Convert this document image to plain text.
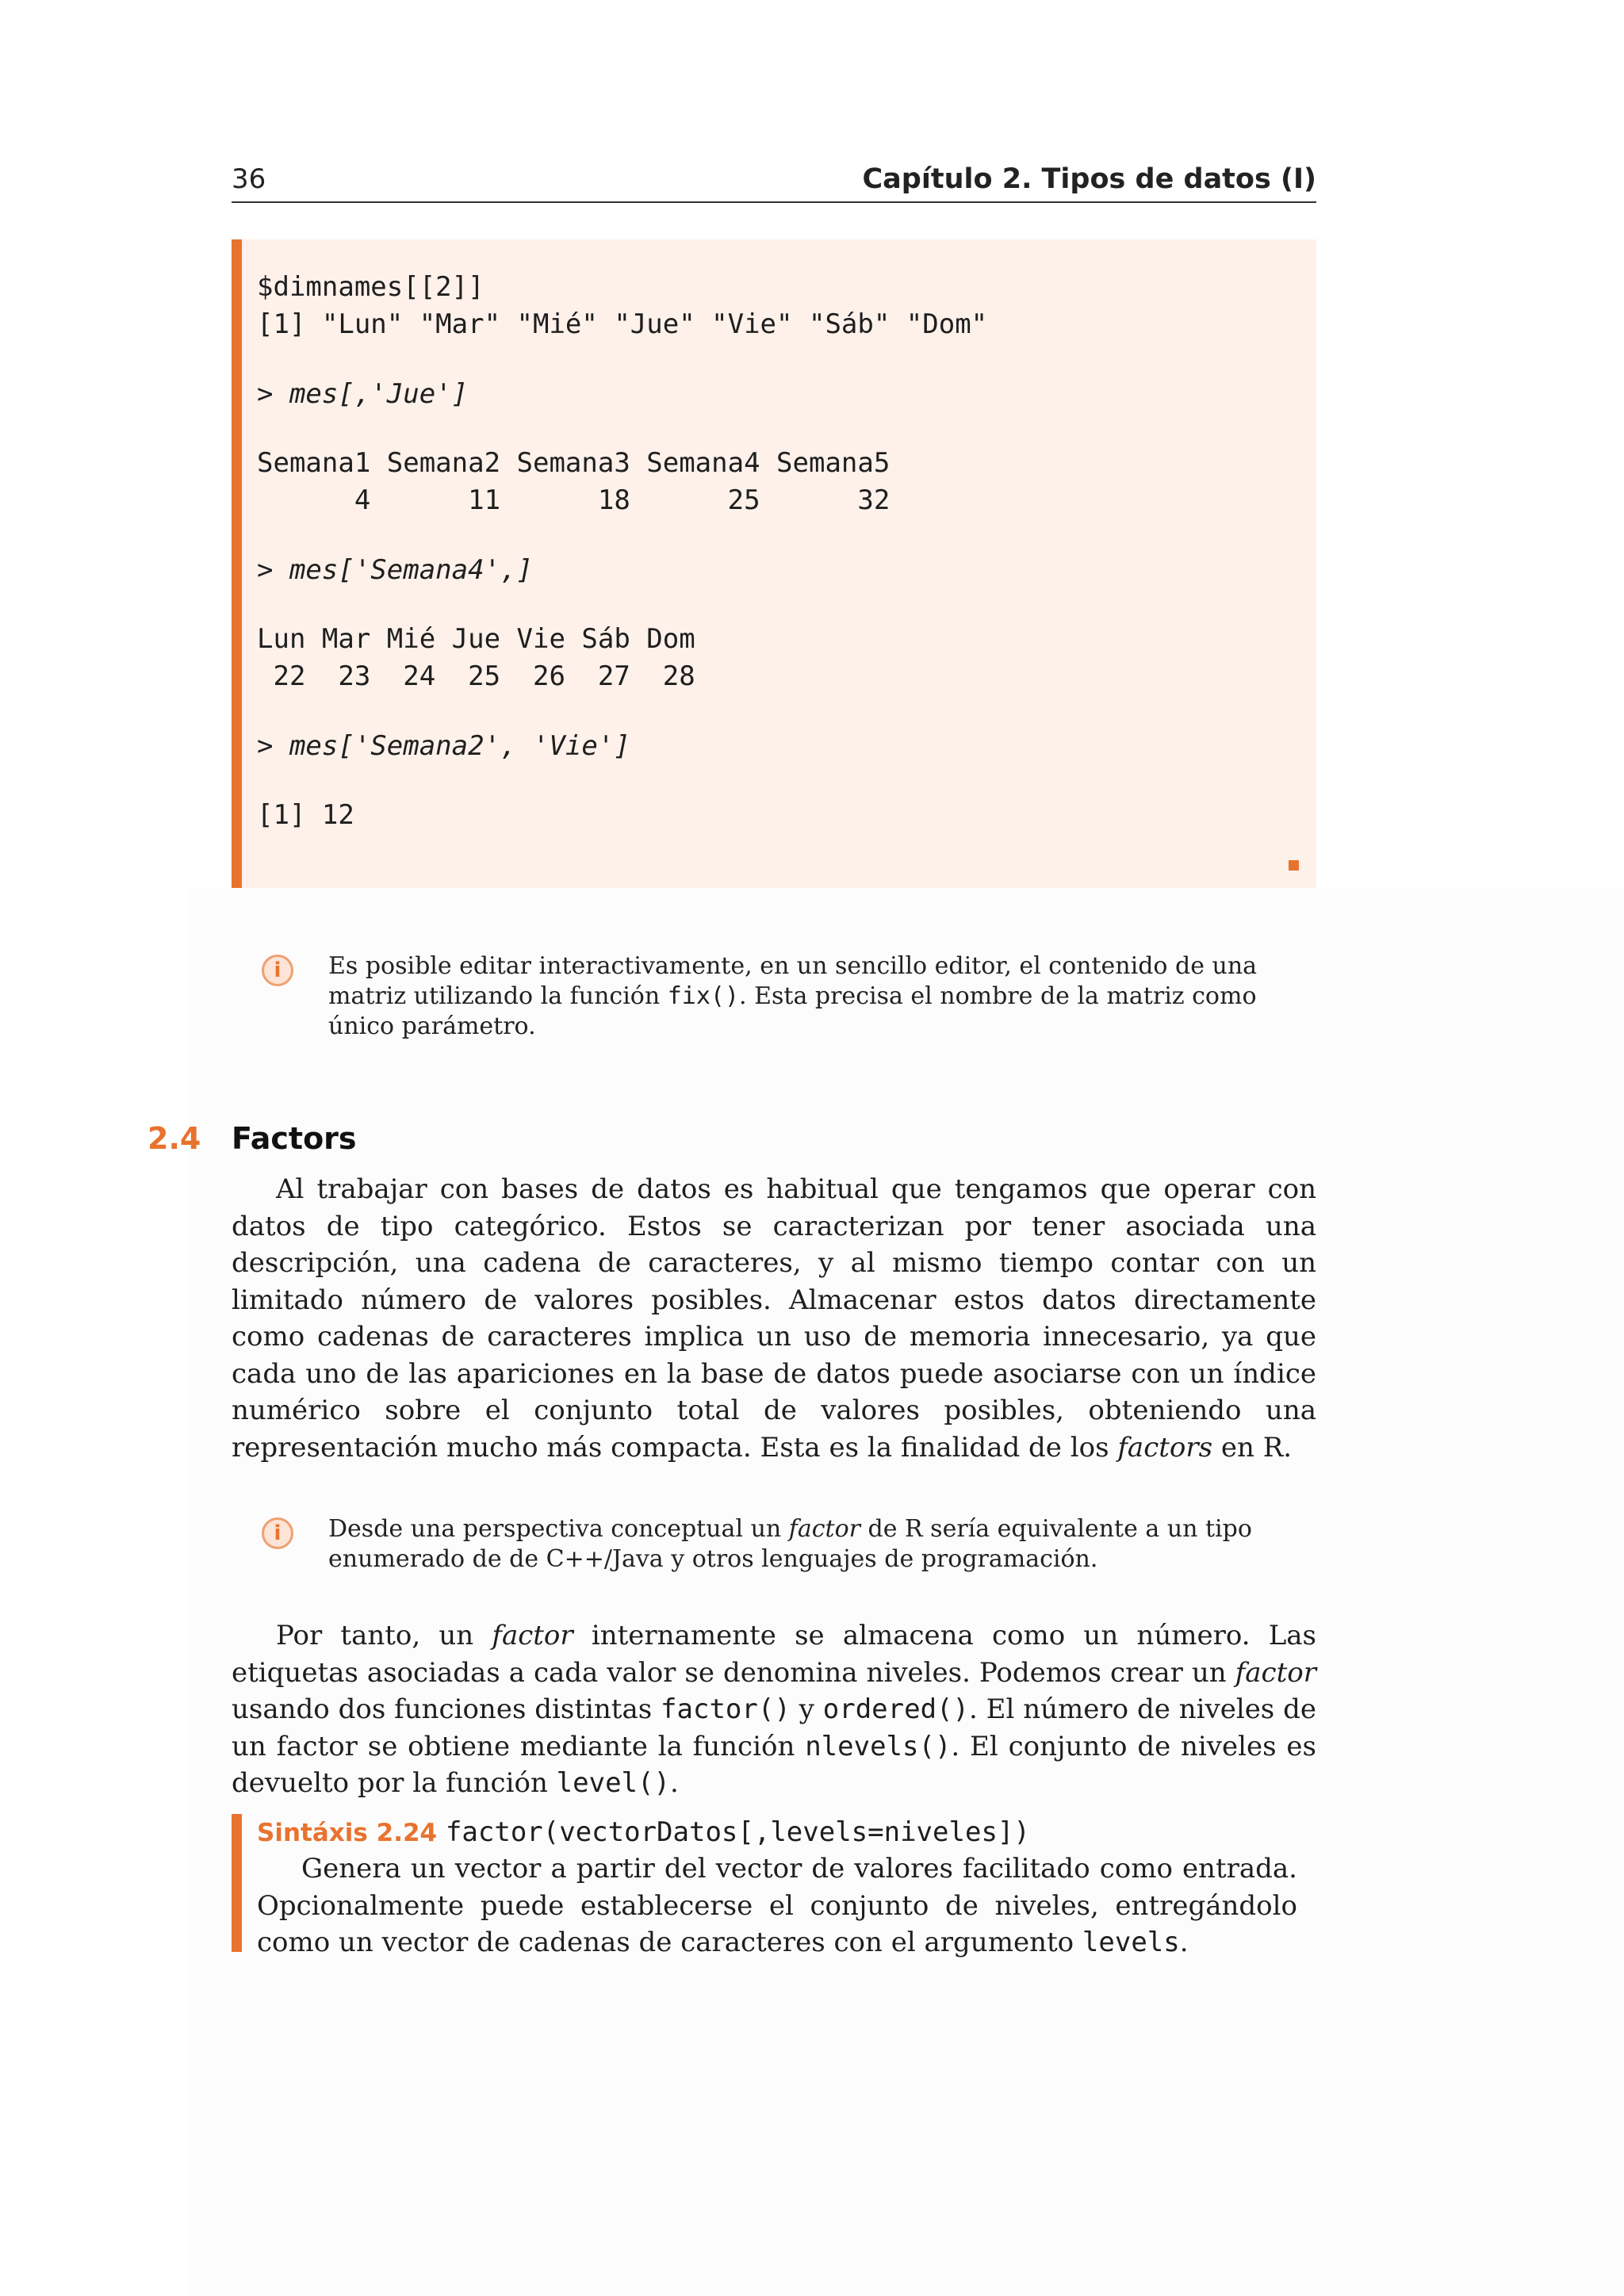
36	Capítulo 2. Tipos de datos (I)
$dimnames[[2]]
[1] "Lun" "Mar" "Mié" "Jue" "Vie" "Sáb" "Dom"
> mes[,'Jue']
Semana1 Semana2 Semana3 Semana4 Semana5
4      11      18      25      32
> mes['Semana4',]
Lun Mar Mié Jue Vie Sáb Dom
22  23  24  25  26  27  28
> mes['Semana2', 'Vie']
[1] 12
i	Es posible editar interactivamente, en un sencillo editor, el contenido de una matriz utilizando la función fix(). Esta precisa el nombre de la matriz como único parámetro.
2.4 Factors
Al trabajar con bases de datos es habitual que tengamos que operar con datos de tipo categórico. Estos se caracterizan por tener asociada una descripción, una cadena de caracteres, y al mismo tiempo contar con un limitado número de valores posibles. Almacenar estos datos directamente como cadenas de caracteres implica un uso de memoria innecesario, ya que cada uno de las apariciones en la base de datos puede asociarse con un índice numérico sobre el conjunto total de valores posibles, obteniendo una representación mucho más compacta. Esta es la finalidad de los factors en R.
i	Desde una perspectiva conceptual un factor de R sería equivalente a un tipo enumerado de de C++/Java y otros lenguajes de programación.
Por tanto, un factor internamente se almacena como un número. Las etiquetas asociadas a cada valor se denomina niveles. Podemos crear un factor usando dos funciones distintas factor() y ordered(). El número de niveles de un factor se obtiene mediante la función nlevels(). El conjunto de niveles es devuelto por la función level().
Sintáxis 2.24 factor(vectorDatos[,levels=niveles])
Genera un vector a partir del vector de valores facilitado como entrada. Opcionalmente puede establecerse el conjunto de niveles, entregándolo como un vector de cadenas de caracteres con el argumento levels.
